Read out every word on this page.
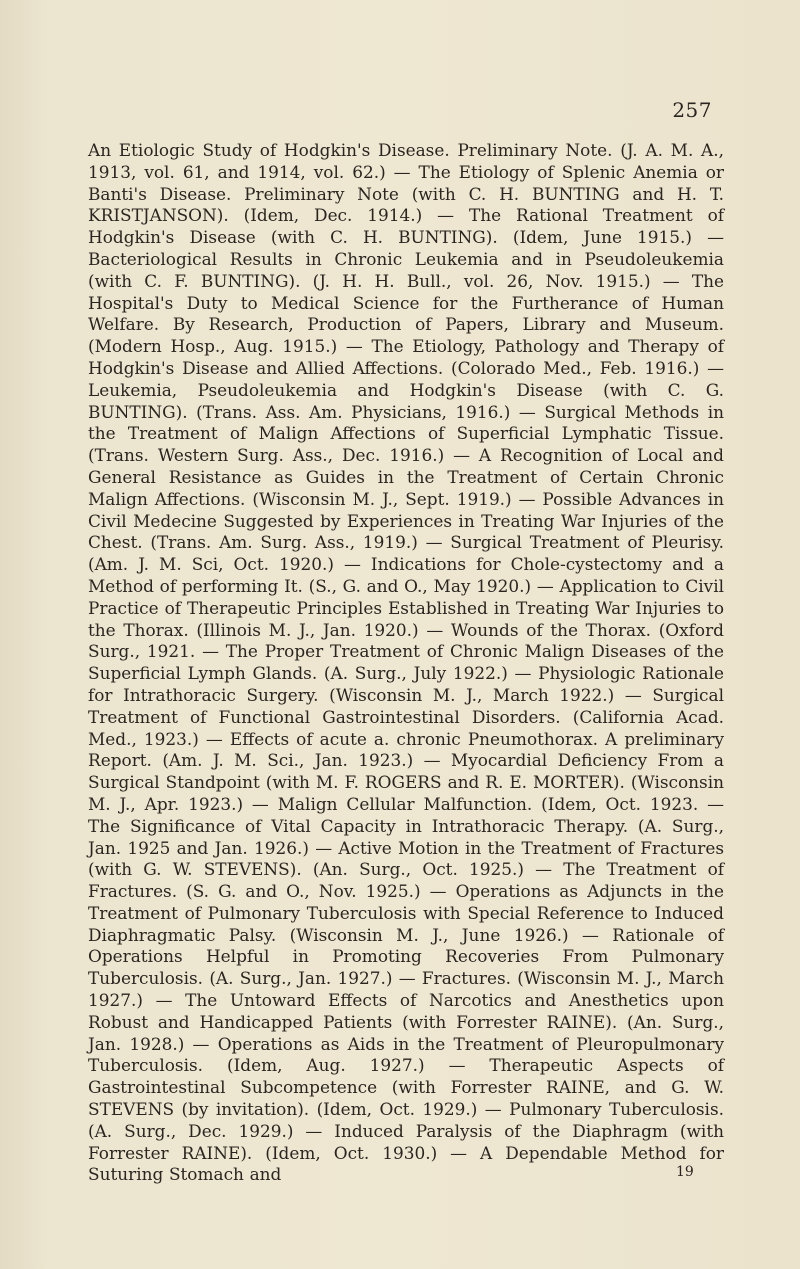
257

An Etiologic Study of Hodgkin's Disease. Preliminary Note. (J. A. M. A., 1913, vol. 61, and 1914, vol. 62.) — The Etiology of Splenic Anemia or Banti's Disease. Preliminary Note (with C. H. BUNTING and H. T. KRISTJANSON). (Idem, Dec. 1914.) — The Rational Treatment of Hodgkin's Disease (with C. H. BUNTING). (Idem, June 1915.) — Bacteriological Results in Chronic Leukemia and in Pseudoleukemia (with C. F. BUNTING). (J. H. H. Bull., vol. 26, Nov. 1915.) — The Hospital's Duty to Medical Science for the Furtherance of Human Welfare. By Research, Production of Papers, Library and Museum. (Modern Hosp., Aug. 1915.) — The Etiology, Pathology and Therapy of Hodgkin's Disease and Allied Affections. (Colorado Med., Feb. 1916.) — Leukemia, Pseudoleukemia and Hodgkin's Disease (with C. G. BUNTING). (Trans. Ass. Am. Physicians, 1916.) — Surgical Methods in the Treatment of Malign Affections of Superficial Lymphatic Tissue. (Trans. Western Surg. Ass., Dec. 1916.) — A Recognition of Local and General Resistance as Guides in the Treatment of Certain Chronic Malign Affections. (Wisconsin M. J., Sept. 1919.) — Possible Advances in Civil Medecine Suggested by Experiences in Treating War Injuries of the Chest. (Trans. Am. Surg. Ass., 1919.) — Surgical Treatment of Pleurisy. (Am. J. M. Sci, Oct. 1920.) — Indications for Chole-cystectomy and a Method of performing It. (S., G. and O., May 1920.) — Application to Civil Practice of Therapeutic Principles Established in Treating War Injuries to the Thorax. (Illinois M. J., Jan. 1920.) — Wounds of the Thorax. (Oxford Surg., 1921. — The Proper Treatment of Chronic Malign Diseases of the Superficial Lymph Glands. (A. Surg., July 1922.) — Physiologic Rationale for Intrathoracic Surgery. (Wisconsin M. J., March 1922.) — Surgical Treatment of Functional Gastrointestinal Disorders. (California Acad. Med., 1923.) — Effects of acute a. chronic Pneumothorax. A preliminary Report. (Am. J. M. Sci., Jan. 1923.) — Myocardial Deficiency From a Surgical Standpoint (with M. F. ROGERS and R. E. MORTER). (Wisconsin M. J., Apr. 1923.) — Malign Cellular Malfunction. (Idem, Oct. 1923. — The Significance of Vital Capacity in Intrathoracic Therapy. (A. Surg., Jan. 1925 and Jan. 1926.) — Active Motion in the Treatment of Fractures (with G. W. STEVENS). (An. Surg., Oct. 1925.) — The Treatment of Fractures. (S. G. and O., Nov. 1925.) — Operations as Adjuncts in the Treatment of Pulmonary Tuberculosis with Special Reference to Induced Diaphragmatic Palsy. (Wisconsin M. J., June 1926.) — Rationale of Operations Helpful in Promoting Recoveries From Pulmonary Tuberculosis. (A. Surg., Jan. 1927.) — Fractures. (Wisconsin M. J., March 1927.) — The Untoward Effects of Narcotics and Anesthetics upon Robust and Handicapped Patients (with Forrester RAINE). (An. Surg., Jan. 1928.) — Operations as Aids in the Treatment of Pleuropulmonary Tuberculosis. (Idem, Aug. 1927.) — Therapeutic Aspects of Gastrointestinal Subcompetence (with Forrester RAINE, and G. W. STEVENS (by invitation). (Idem, Oct. 1929.) — Pulmonary Tuberculosis. (A. Surg., Dec. 1929.) — Induced Paralysis of the Diaphragm (with Forrester RAINE). (Idem, Oct. 1930.) — A Dependable Method for Suturing Stomach and	19
